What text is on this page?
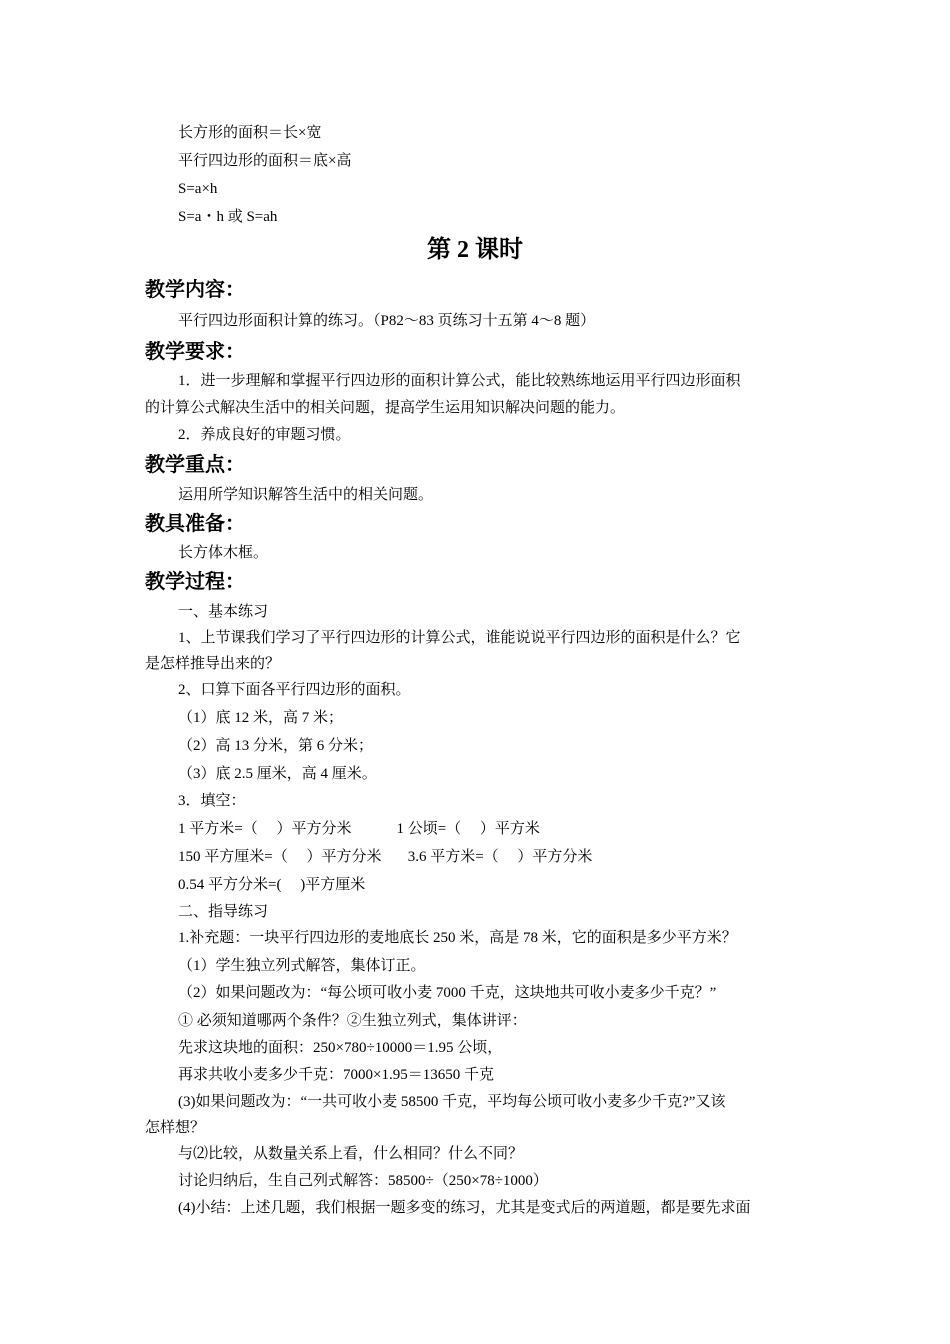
长方形的面积＝长×宽
平行四边形的面积＝底×高
S=a×h
S=a・h 或 S=ah
第 2 课时
教学内容：
平行四边形面积计算的练习。（P82～83 页练习十五第 4～8 题）
教学要求：
1．进一步理解和掌握平行四边形的面积计算公式，能比较熟练地运用平行四边形面积
的计算公式解决生活中的相关问题，提高学生运用知识解决问题的能力。
2．养成良好的审题习惯。
教学重点：
运用所学知识解答生活中的相关问题。
教具准备：
长方体木框。
教学过程：
一、基本练习
1、上节课我们学习了平行四边形的计算公式，谁能说说平行四边形的面积是什么？它
是怎样推导出来的？
2、口算下面各平行四边形的面积。
（1）底 12 米，高 7 米；
（2）高 13 分米，第 6 分米；
（3）底 2.5 厘米，高 4 厘米。
3．填空：
1 平方米=（     ）平方分米            1 公顷=（     ）平方米
150 平方厘米=（     ）平方分米       3.6 平方米=（     ）平方分米
0.54 平方分米=(     )平方厘米
二、指导练习
1.补充题：一块平行四边形的麦地底长 250 米，高是 78 米，它的面积是多少平方米？
（1）学生独立列式解答，集体订正。
（2）如果问题改为：“每公顷可收小麦 7000 千克，这块地共可收小麦多少千克？”
① 必须知道哪两个条件？②生独立列式，集体讲评：
先求这块地的面积：250×780÷10000＝1.95 公顷，
再求共收小麦多少千克：7000×1.95＝13650 千克
(3)如果问题改为：“一共可收小麦 58500 千克，平均每公顷可收小麦多少千克?”又该
怎样想？
与⑵比较，从数量关系上看，什么相同？什么不同？
讨论归纳后，生自己列式解答：58500÷（250×78÷1000）
(4)小结：上述几题，我们根据一题多变的练习，尤其是变式后的两道题，都是要先求面
